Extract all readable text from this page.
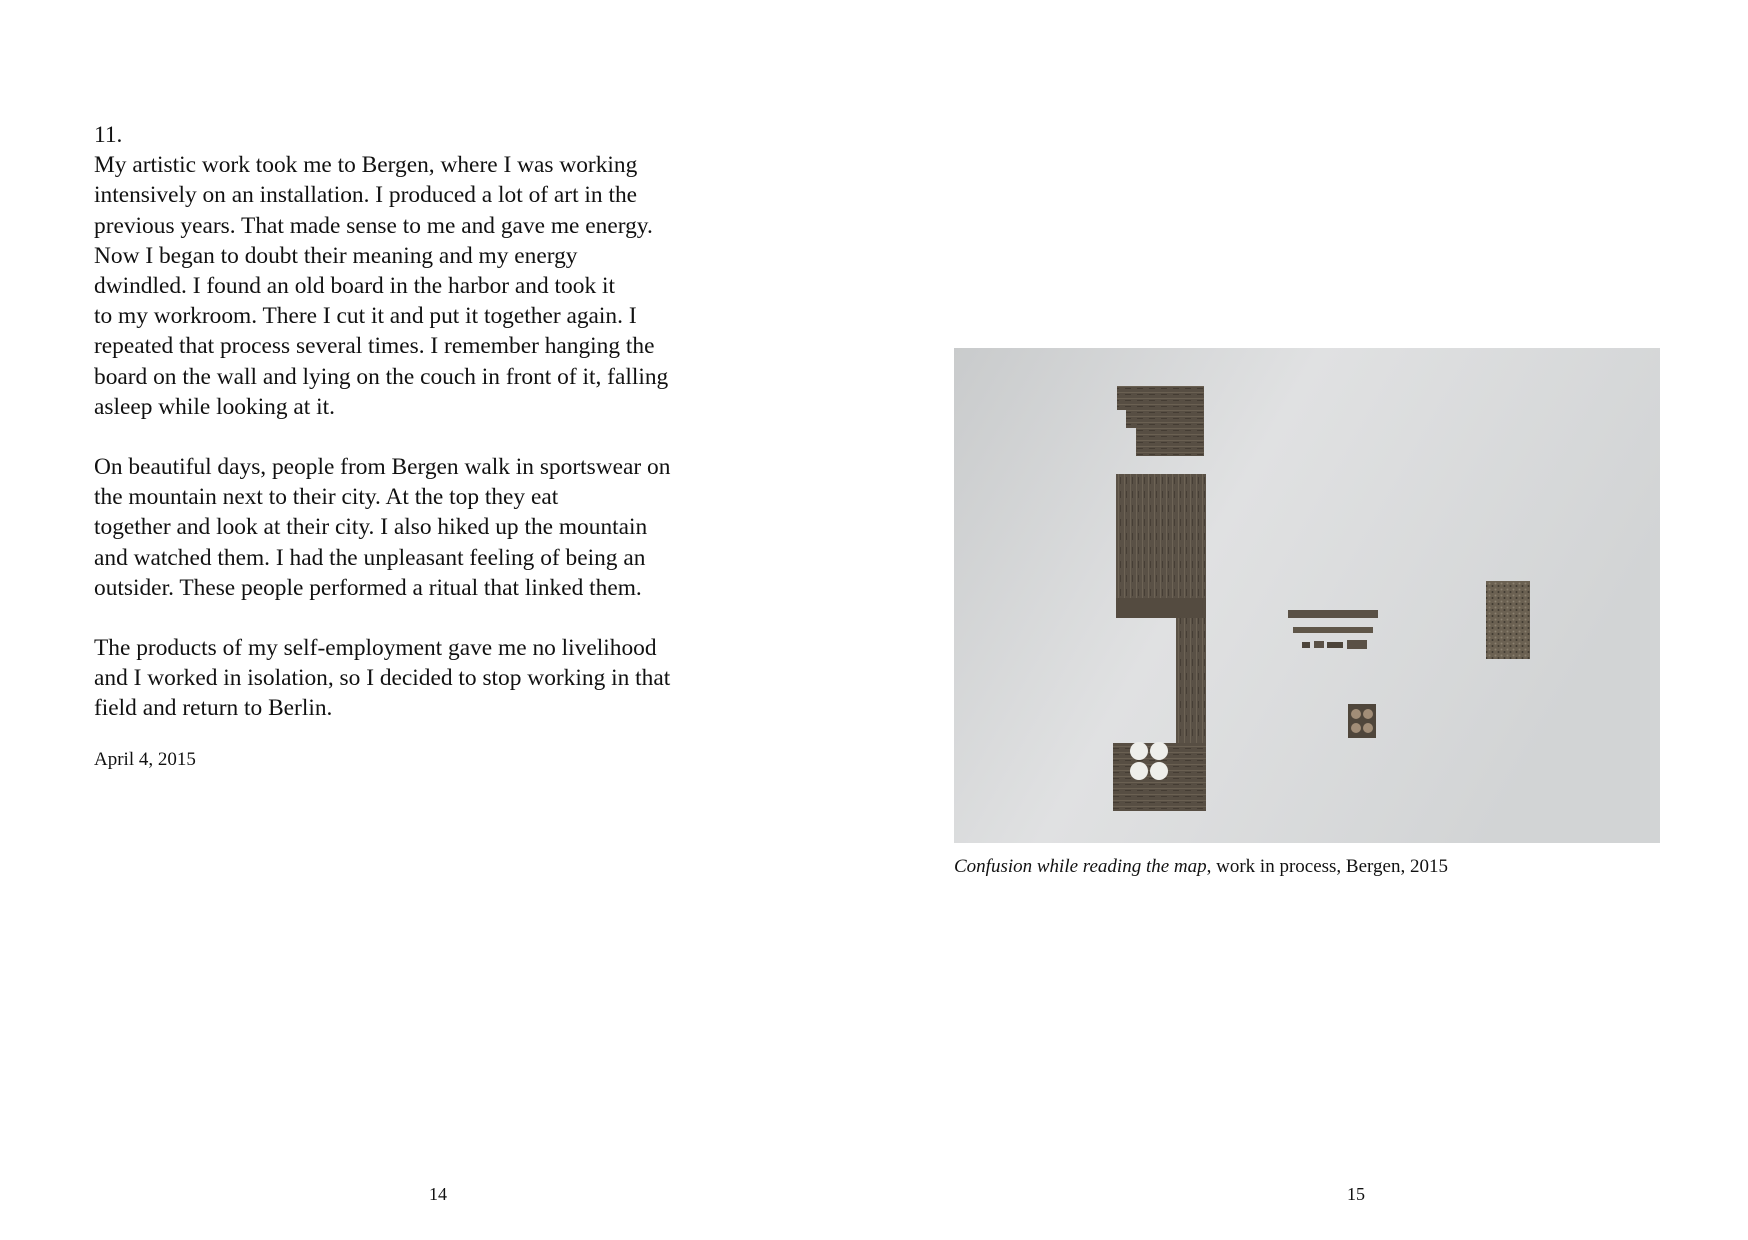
11.

My artistic work took me to Bergen, where I was working
intensively on an installation. I produced a lot of art in the
previous years. That made sense to me and gave me energy.
Now I began to doubt their meaning and my energy
dwindled. I found an old board in the harbor and took it
to my workroom. There I cut it and put it together again. I
repeated that process several times. I remember hanging the
board on the wall and lying on the couch in front of it, falling
asleep while looking at it.

On beautiful days, people from Bergen walk in sportswear on
the mountain next to their city. At the top they eat
together and look at their city. I also hiked up the mountain
and watched them. I had the unpleasant feeling of being an
outsider. These people performed a ritual that linked them.

The products of my self-employment gave me no livelihood
and I worked in isolation, so I decided to stop working in that
field and return to Berlin.

April 4, 2015

14

Confusion while reading the map, work in process, Bergen, 2015

15
